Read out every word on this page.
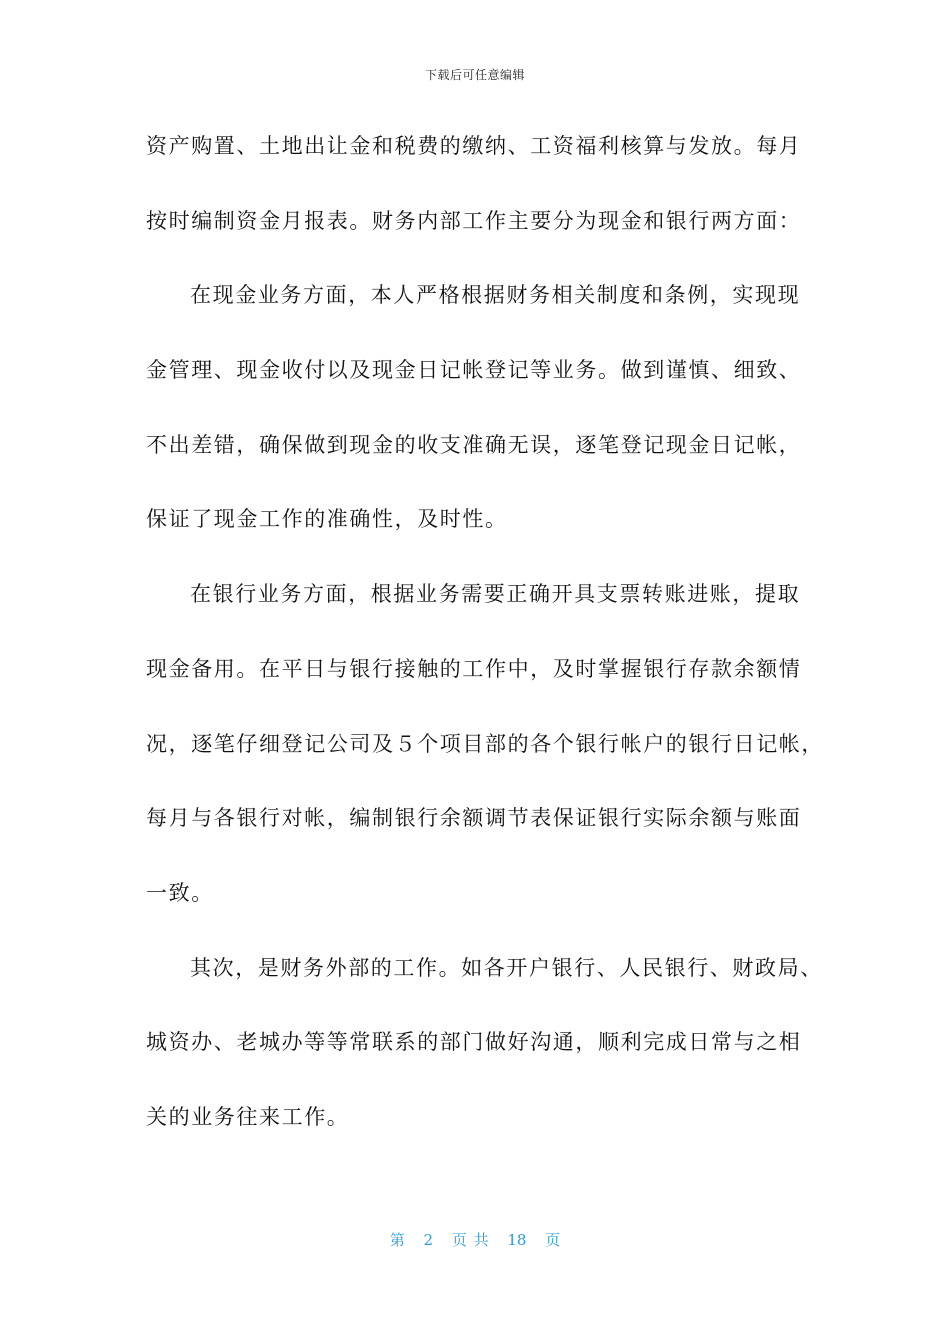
下载后可任意编辑
资产购置、土地出让金和税费的缴纳、工资福利核算与发放。每月
按时编制资金月报表。财务内部工作主要分为现金和银行两方面：
在现金业务方面，本人严格根据财务相关制度和条例，实现现
金管理、现金收付以及现金日记帐登记等业务。做到谨慎、细致、
不出差错，确保做到现金的收支准确无误，逐笔登记现金日记帐，
保证了现金工作的准确性，及时性。
在银行业务方面，根据业务需要正确开具支票转账进账，提取
现金备用。在平日与银行接触的工作中，及时掌握银行存款余额情
况，逐笔仔细登记公司及５个项目部的各个银行帐户的银行日记帐，
每月与各银行对帐，编制银行余额调节表保证银行实际余额与账面
一致。
其次，是财务外部的工作。如各开户银行、人民银行、财政局、
城资办、老城办等等常联系的部门做好沟通，顺利完成日常与之相
关的业务往来工作。
第 2 页 共 18 页
